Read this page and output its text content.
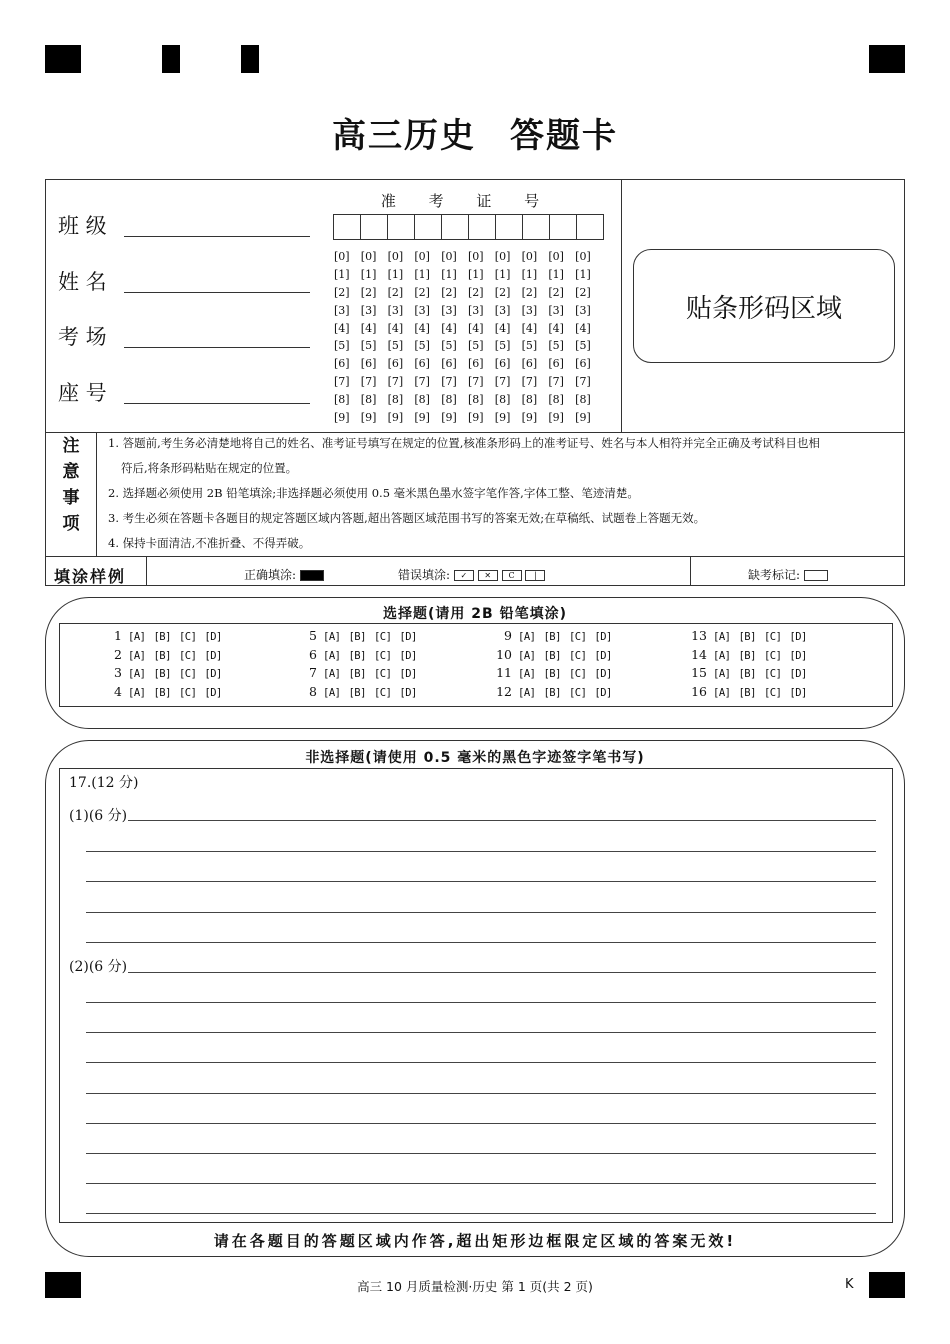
高三历史 答题卡
班 级
姓 名
考 场
座 号
准 考 证 号
[0]	[0]	[0]	[0]	[0]	[0]	[0]	[0]	[0]	[0]
[1]	[1]	[1]	[1]	[1]	[1]	[1]	[1]	[1]	[1]
[2]	[2]	[2]	[2]	[2]	[2]	[2]	[2]	[2]	[2]
[3]	[3]	[3]	[3]	[3]	[3]	[3]	[3]	[3]	[3]
[4]	[4]	[4]	[4]	[4]	[4]	[4]	[4]	[4]	[4]
[5]	[5]	[5]	[5]	[5]	[5]	[5]	[5]	[5]	[5]
[6]	[6]	[6]	[6]	[6]	[6]	[6]	[6]	[6]	[6]
[7]	[7]	[7]	[7]	[7]	[7]	[7]	[7]	[7]	[7]
[8]	[8]	[8]	[8]	[8]	[8]	[8]	[8]	[8]	[8]
[9]	[9]	[9]	[9]	[9]	[9]	[9]	[9]	[9]	[9]
贴条形码区域
注
意
事
项
1. 答题前,考生务必清楚地将自己的姓名、准考证号填写在规定的位置,核准条形码上的准考证号、姓名与本人相符并完全正确及考试科目也相
符后,将条形码粘贴在规定的位置。
2. 选择题必须使用 2B 铅笔填涂;非选择题必须使用 0.5 毫米黑色墨水签字笔作答,字体工整、笔迹清楚。
3. 考生必须在答题卡各题目的规定答题区域内答题,超出答题区域范围书写的答案无效;在草稿纸、试题卷上答题无效。
4. 保持卡面清洁,不准折叠、不得弄破。
填涂样例	正确填涂:	错误填涂: ✓ ✕ C |	缺考标记:
选择题(请用 2B 铅笔填涂)
1 [A] [B] [C] [D]
2 [A] [B] [C] [D]
3 [A] [B] [C] [D]
4 [A] [B] [C] [D]
5 [A] [B] [C] [D]
6 [A] [B] [C] [D]
7 [A] [B] [C] [D]
8 [A] [B] [C] [D]
9 [A] [B] [C] [D]
10 [A] [B] [C] [D]
11 [A] [B] [C] [D]
12 [A] [B] [C] [D]
13 [A] [B] [C] [D]
14 [A] [B] [C] [D]
15 [A] [B] [C] [D]
16 [A] [B] [C] [D]
非选择题(请使用 0.5 毫米的黑色字迹签字笔书写)
17.(12 分)
(1)(6 分)
(2)(6 分)
请在各题目的答题区域内作答,超出矩形边框限定区域的答案无效!
高三 10 月质量检测·历史 第 1 页(共 2 页)	K
